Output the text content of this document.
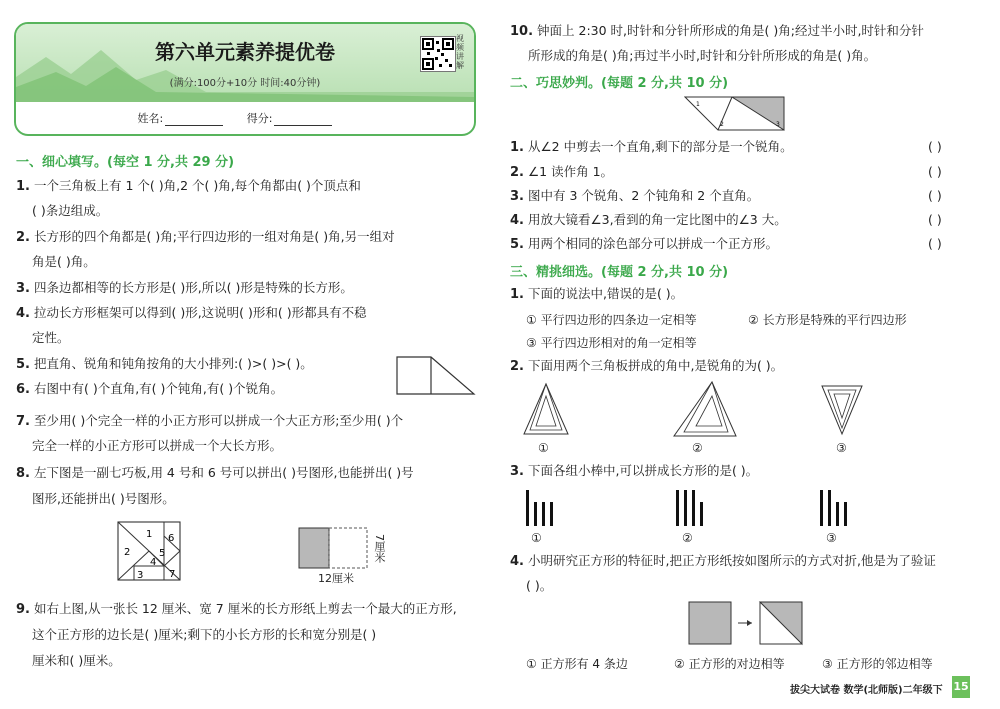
第六单元素养提优卷
(满分:100分+10分 时间:40分钟)
视频讲解
姓名:	得分:
一、细心填写。(每空 1 分,共 29 分)
1. 一个三角板上有 1 个( )角,2 个( )角,每个角都由( )个顶点和
( )条边组成。
2. 长方形的四个角都是( )角;平行四边形的一组对角是( )角,另一组对
角是( )角。
3. 四条边都相等的长方形是( )形,所以( )形是特殊的长方形。
4. 拉动长方形框架可以得到( )形,这说明( )形和( )形都具有不稳
定性。
5. 把直角、锐角和钝角按角的大小排列:( )>( )>( )。
6. 右图中有( )个直角,有( )个钝角,有( )个锐角。
7. 至少用( )个完全一样的小正方形可以拼成一个大正方形;至少用( )个
完全一样的小正方形可以拼成一个大长方形。
8. 左下图是一副七巧板,用 4 号和 6 号可以拼出( )号图形,也能拼出( )号
图形,还能拼出( )号图形。
1
2
3
4
5
6
7	12厘米
7厘米
9. 如右上图,从一张长 12 厘米、宽 7 厘米的长方形纸上剪去一个最大的正方形,
这个正方形的边长是( )厘米;剩下的小长方形的长和宽分别是( )
厘米和( )厘米。
10. 钟面上 2:30 时,时针和分针所形成的角是( )角;经过半小时,时针和分针
所形成的角是( )角;再过半小时,时针和分针所形成的角是( )角。
二、巧思妙判。(每题 2 分,共 10 分)
1
2	3
1. 从∠2 中剪去一个直角,剩下的部分是一个锐角。	( )
2. ∠1 读作角 1。	( )
3. 图中有 3 个锐角、2 个钝角和 2 个直角。	( )
4. 用放大镜看∠3,看到的角一定比图中的∠3 大。	( )
5. 用两个相同的涂色部分可以拼成一个正方形。	( )
三、精挑细选。(每题 2 分,共 10 分)
1. 下面的说法中,错误的是( )。
① 平行四边形的四条边一定相等	② 长方形是特殊的平行四边形
③ 平行四边形相对的角一定相等
2. 下面用两个三角板拼成的角中,是锐角的为( )。
①	②	③
3. 下面各组小棒中,可以拼成长方形的是( )。
①	②	③
4. 小明研究正方形的特征时,把正方形纸按如图所示的方式对折,他是为了验证
( )。
① 正方形有 4 条边	② 正方形的对边相等	③ 正方形的邻边相等
拔尖大试卷 数学(北师版)二年级下 15
